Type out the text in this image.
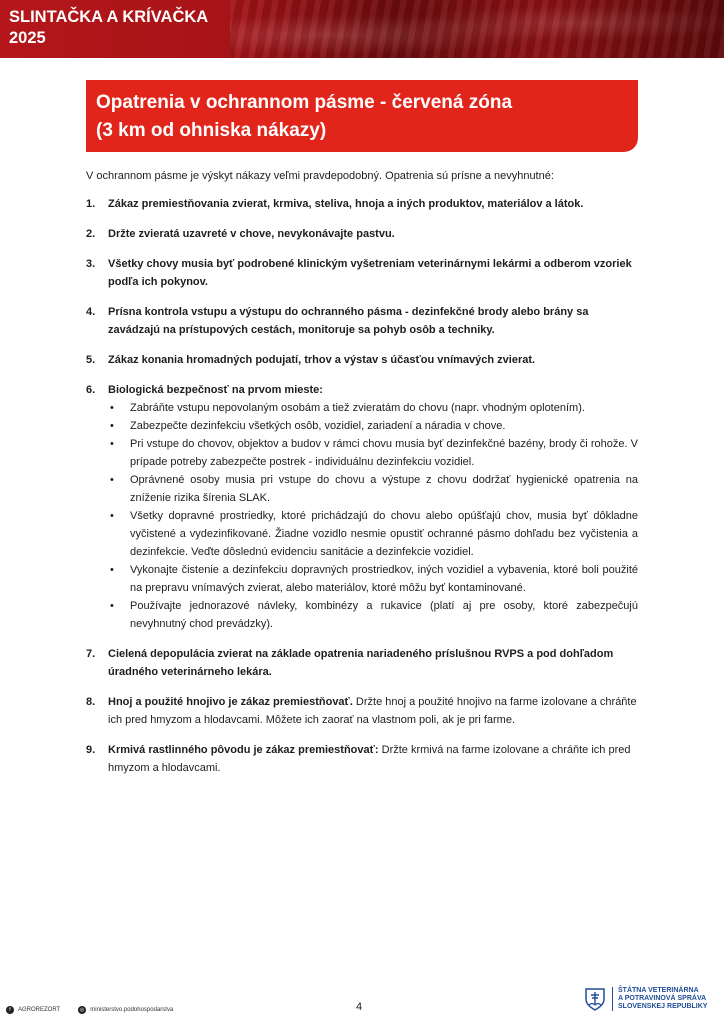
SLINTAČKA A KRÍVAČKA
2025
Opatrenia v ochrannom pásme - červená zóna
(3 km od ohniska nákazy)

V ochrannom pásme je výskyt nákazy veľmi pravdepodobný. Opatrenia sú prísne a nevyhnutné:

1. Zákaz premiestňovania zvierat, krmiva, steliva, hnoja a iných produktov, materiálov a látok.
2. Držte zvieratá uzavreté v chove, nevykonávajte pastvu.
3. Všetky chovy musia byť podrobené klinickým vyšetreniam veterinárnymi lekármi a odberom vzoriek podľa ich pokynov.
4. Prísna kontrola vstupu a výstupu do ochranného pásma - dezinfekčné brody alebo brány sa zavádzajú na prístupových cestách, monitoruje sa pohyb osôb a techniky.
5. Zákaz konania hromadných podujatí, trhov a výstav s účasťou vnímavých zvierat.
6. Biologická bezpečnosť na prvom mieste:
• Zabráňte vstupu nepovolaným osobám a tiež zvieratám do chovu (napr. vhodným oplotením).
• Zabezpečte dezinfekciu všetkých osôb, vozidiel, zariadení a náradia v chove.
• Pri vstupe do chovov, objektov a budov v rámci chovu musia byť dezinfekčné bazény, brody či rohože. V prípade potreby zabezpečte postrek - individuálnu dezinfekciu vozidiel.
• Oprávnené osoby musia pri vstupe do chovu a výstupe z chovu dodržať hygienické opatrenia na zníženie rizika šírenia SLAK.
• Všetky dopravné prostriedky, ktoré prichádzajú do chovu alebo opúšťajú chov, musia byť dôkladne vyčistené a vydezinfikované. Žiadne vozidlo nesmie opustiť ochranné pásmo dohľadu bez vyčistenia a dezinfekcie. Veďte dôslednú evidenciu sanitácie a dezinfekcie vozidiel.
• Vykonajte čistenie a dezinfekciu dopravných prostriedkov, iných vozidiel a vybavenia, ktoré boli použité na prepravu vnímavých zvierat, alebo materiálov, ktoré môžu byť kontaminované.
• Používajte jednorazové návleky, kombinézy a rukavice (platí aj pre osoby, ktoré zabezpečujú nevyhnutný chod prevádzky).
7. Cielená depopulácia zvierat na základe opatrenia nariadeného príslušnou RVPS a pod dohľadom úradného veterinárneho lekára.
8. Hnoj a použité hnojivo je zákaz premiestňovať. Držte hnoj a použité hnojivo na farme izolovane a chráňte ich pred hmyzom a hlodavcami. Môžete ich zaorať na vlastnom poli, ak je pri farme.
9. Krmivá rastlinného pôvodu je zákaz premiestňovať: Držte krmivá na farme izolovane a chráňte ich pred hmyzom a hlodavcami.
f	AGROREZORT	◎ ministerstvo.podohospodarstva	4
ŠTÁTNA VETERINÁRNA
A POTRAVINOVÁ SPRÁVA
SLOVENSKEJ REPUBLIKY
